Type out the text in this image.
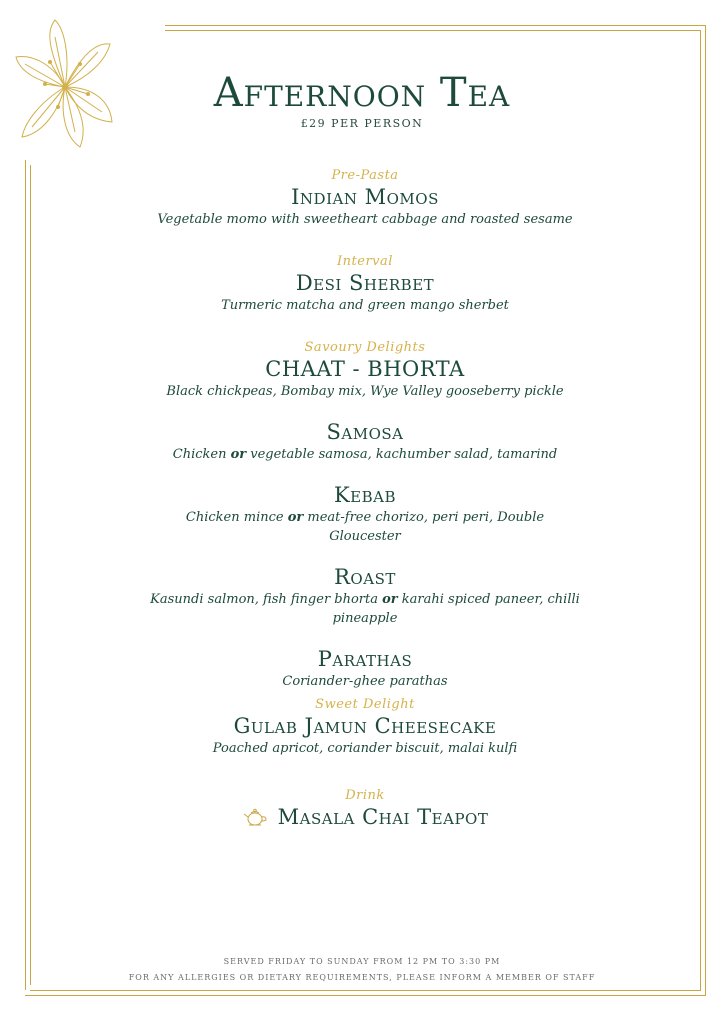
Afternoon Tea
£29 PER PERSON
Pre-Pasta
Indian Momos
Vegetable momo with sweetheart cabbage and roasted sesame
Interval
Desi Sherbet
Turmeric matcha and green mango sherbet
Savoury Delights
CHAAT - BHORTA
Black chickpeas, Bombay mix, Wye Valley gooseberry pickle
Samosa
Chicken or vegetable samosa, kachumber salad, tamarind
Kebab
Chicken mince or meat-free chorizo, peri peri, Double Gloucester
Roast
Kasundi salmon, fish finger bhorta or karahi spiced paneer, chilli pineapple
Parathas
Coriander-ghee parathas
Sweet Delight
Gulab Jamun Cheesecake
Poached apricot, coriander biscuit, malai kulfi
Drink
Masala Chai Teapot
SERVED FRIDAY TO SUNDAY FROM 12 PM TO 3:30 PM
FOR ANY ALLERGIES OR DIETARY REQUIREMENTS, PLEASE INFORM A MEMBER OF STAFF
